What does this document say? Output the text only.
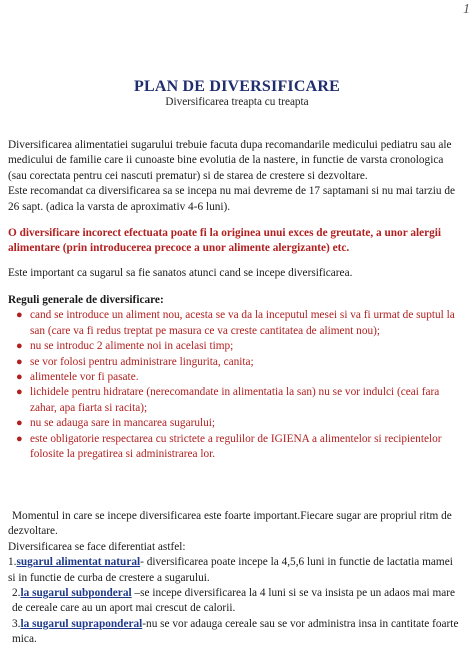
1
PLAN DE DIVERSIFICARE
Diversificarea treapta cu treapta

Diversificarea alimentatiei sugarului trebuie facuta dupa recomandarile medicului pediatru sau ale medicului de familie care ii cunoaste bine evolutia de la nastere, in functie de varsta cronologica (sau corectata pentru cei nascuti prematur) si de starea de crestere si dezvoltare.

Este recomandat ca diversificarea sa se incepa nu mai devreme de 17 saptamani si nu mai tarziu de 26 sapt. (adica la varsta de aproximativ 4-6 luni).

O diversificare incorect efectuata poate fi la originea unui exces de greutate, a unor alergii alimentare (prin introducerea precoce a unor alimente alergizante) etc.

Este important ca sugarul sa fie sanatos atunci cand se incepe diversificarea.

Reguli generale de diversificare:

● cand se introduce un aliment nou, acesta se va da la inceputul mesei si va fi urmat de suptul la san (care va fi redus treptat pe masura ce va creste cantitatea de aliment nou);
● nu se introduc 2 alimente noi in acelasi timp;
● se vor folosi pentru administrare lingurita, canita;
● alimentele vor fi pasate.
● lichidele pentru hidratare (nerecomandate in alimentatia la san) nu se vor indulci (ceai fara zahar, apa fiarta si racita);
● nu se adauga sare in mancarea sugarului;
● este obligatorie respectarea cu strictete a regulilor de IGIENA a alimentelor si recipientelor folosite la pregatirea si administrarea lor.

Momentul in care se incepe diversificarea este foarte important.Fiecare sugar are propriul ritm de dezvoltare.

Diversificarea se face diferentiat astfel:

1.sugarul alimentat natural- diversificarea poate incepe la 4,5,6 luni in functie de lactatia mamei si in functie de curba de crestere a sugarului.

2.la sugarul subponderal –se incepe diversificarea la 4 luni si se va insista pe un adaos mai mare de cereale care au un aport mai crescut de calorii.

3.la sugarul supraponderal-nu se vor adauga cereale sau se vor administra insa in cantitate foarte mica.
